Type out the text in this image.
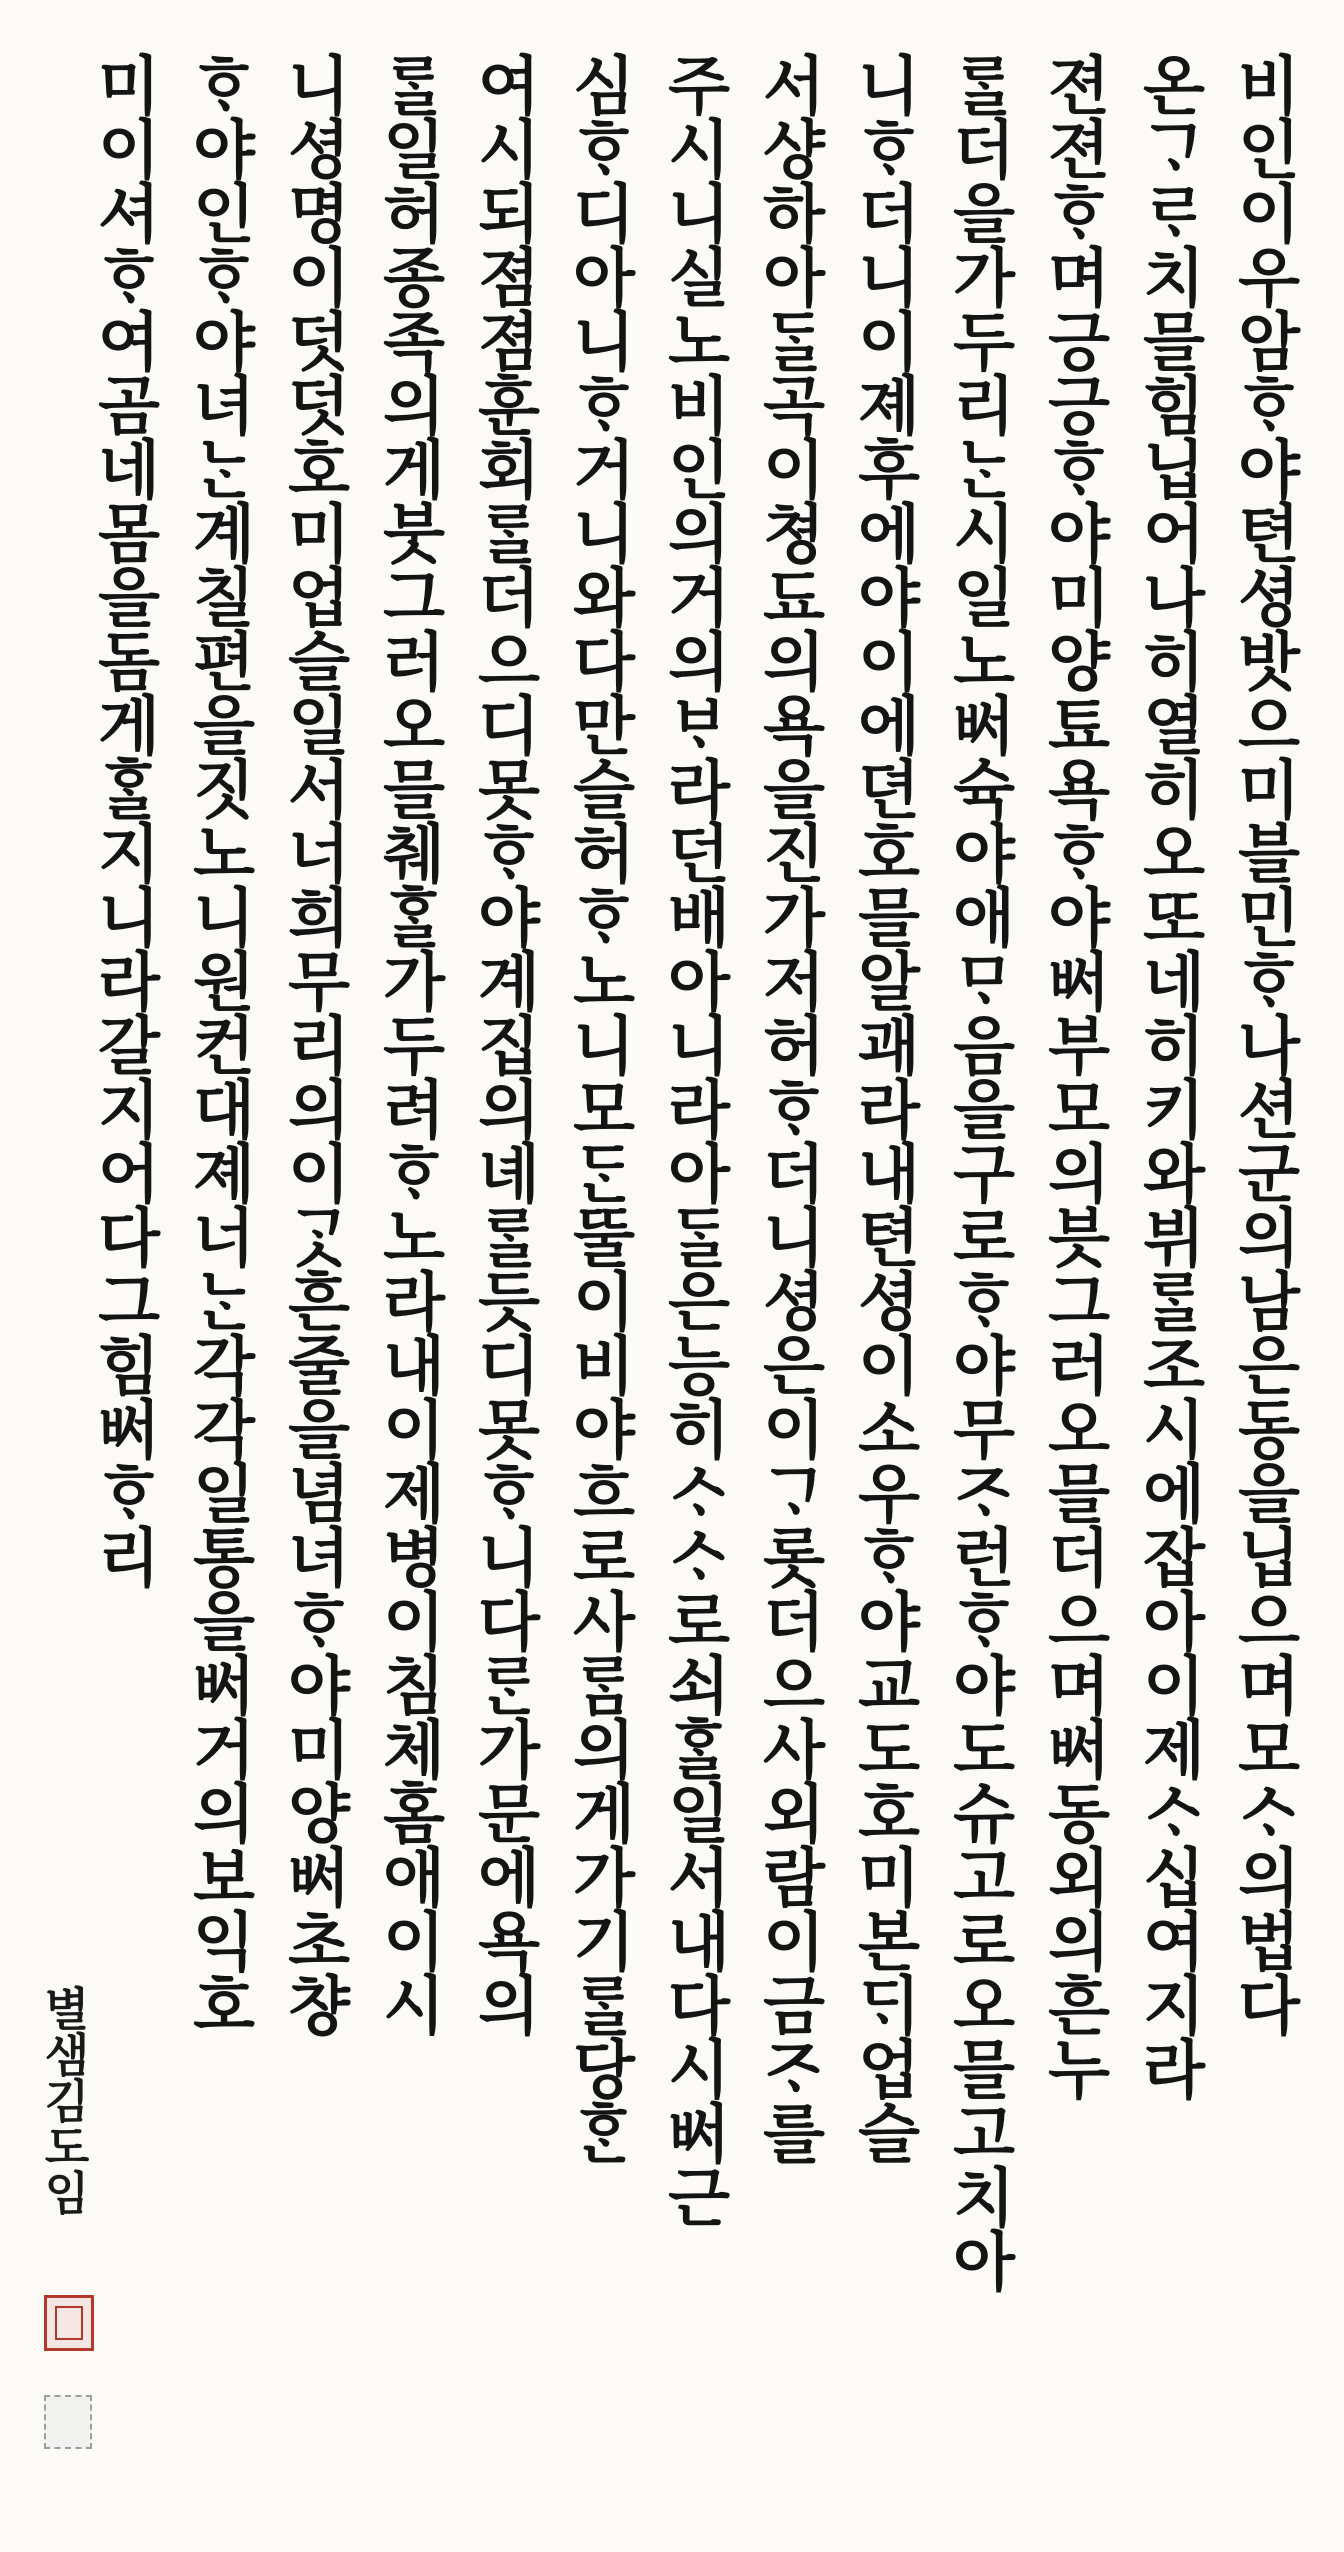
비인이우암ᄒᆞ야텬셩밧으미블민ᄒᆞ나션군의남은동을닙으며모ᄉᆞ의법다
온ᄀᆞᄅᆞ치믈힘닙어나히열히오또네히키와뷔ᄅᆞᆯ조시에잡아이제ᄉᆞ십여지라
젼젼ᄒᆞ며긍긍ᄒᆞ야미양툐욕ᄒᆞ야ᄡᅥ부모의븟그러오믈더으며ᄡᅥ동외의흔누
ᄅᆞᆯ더을가두리ᄂᆞᆫ시일노ᄡᅥ슉야애ᄆᆞ음을구로ᄒᆞ야무ᄌᆞ런ᄒᆞ야도슈고로오믈고치아
니ᄒᆞ더니이졔후에야이에뎐호믈알괘라내텬셩이소우ᄒᆞ야교도호미본ᄃᆡ업슬
서샹하아ᄃᆞᆯ곡이쳥됴의욕을진가저허ᄒᆞ더니셩은이ᄀᆞ롯더으사외람이금ᄌᆞ를
주시니실노비인의거의ᄇᆞ라던배아니라아ᄃᆞᆯ은능히ᄉᆞᄉᆞ로쇠ᄒᆞᆯ일서내다시ᄡᅥ근
심ᄒᆞ디아니ᄒᆞ거니와다만슬허ᄒᆞ노니모ᄃᆞᆫ뚤이비야흐로사ᄅᆞᆷ의게가기ᄅᆞᆯ당ᄒᆞᆫ
여시되졈졈훈회ᄅᆞᆯ더으디못ᄒᆞ야계집의녜ᄅᆞᆯ듯디못ᄒᆞ니다ᄅᆞᆫ가문에욕의
ᄅᆞᆯ일허종족의게붓그러오믈췌ᄒᆞᆯ가두려ᄒᆞ노라내이제병이침체홈애이시
니셩명이덧덧호미업슬일서너희무리의이ᄀᆞᆺ흔줄을념녀ᄒᆞ야미양ᄡᅥ초챵
ᄒᆞ야인ᄒᆞ야녀ᄂᆞᆫ계칠편을짓노니원컨대졔너ᄂᆞᆫ각각일통을ᄡᅥ거의보익호
미이셔ᄒᆞ여곰네몸을돔게ᄒᆞᆯ지니라갈지어다그힘ᄡᅥᄒᆞ리
별샘김도임
